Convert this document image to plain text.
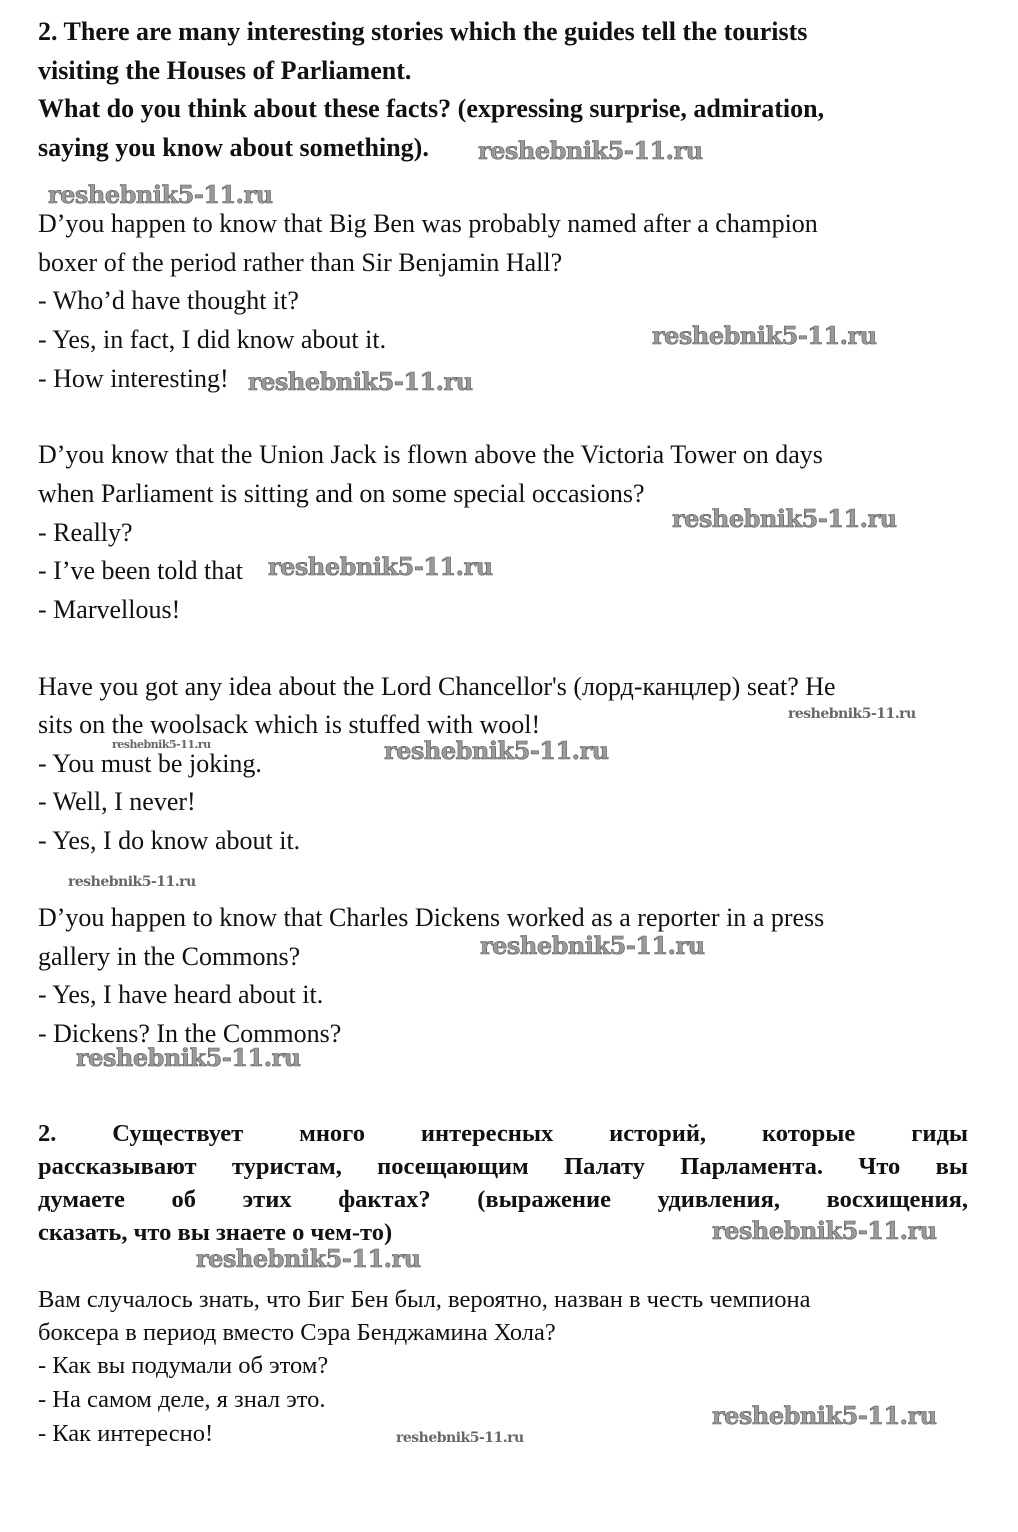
2. There are many interesting stories which the guides tell the tourists
visiting the Houses of Parliament.
What do you think about these facts? (expressing surprise, admiration,
saying you know about something).
D’you happen to know that Big Ben was probably named after a champion
boxer of the period rather than Sir Benjamin Hall?
- Who’d have thought it?
- Yes, in fact, I did know about it.
- How interesting!
D’you know that the Union Jack is flown above the Victoria Tower on days
when Parliament is sitting and on some special occasions?
- Really?
- I’ve been told that
- Marvellous!
Have you got any idea about the Lord Chancellor's (лорд-канцлер) seat? He
sits on the woolsack which is stuffed with wool!
- You must be joking.
- Well, I never!
- Yes, I do know about it.
D’you happen to know that Charles Dickens worked as a reporter in a press
gallery in the Commons?
- Yes, I have heard about it.
- Dickens? In the Commons?
2. Существует много интересных историй, которые гиды
рассказывают туристам, посещающим Палату Парламента. Что вы
думаете об этих фактах? (выражение удивления, восхищения,
сказать, что вы знаете о чем-то)
Вам случалось знать, что Биг Бен был, вероятно, назван в честь чемпиона
боксера в период вместо Сэра Бенджамина Хола?
- Как вы подумали об этом?
- На самом деле, я знал это.
- Как интересно!
reshebnik5-11.ru
reshebnik5-11.ru
reshebnik5-11.ru
reshebnik5-11.ru
reshebnik5-11.ru
reshebnik5-11.ru
reshebnik5-11.ru
reshebnik5-11.ru	reshebnik5-11.ru
reshebnik5-11.ru
reshebnik5-11.ru
reshebnik5-11.ru
reshebnik5-11.ru
reshebnik5-11.ru
reshebnik5-11.ru
reshebnik5-11.ru
